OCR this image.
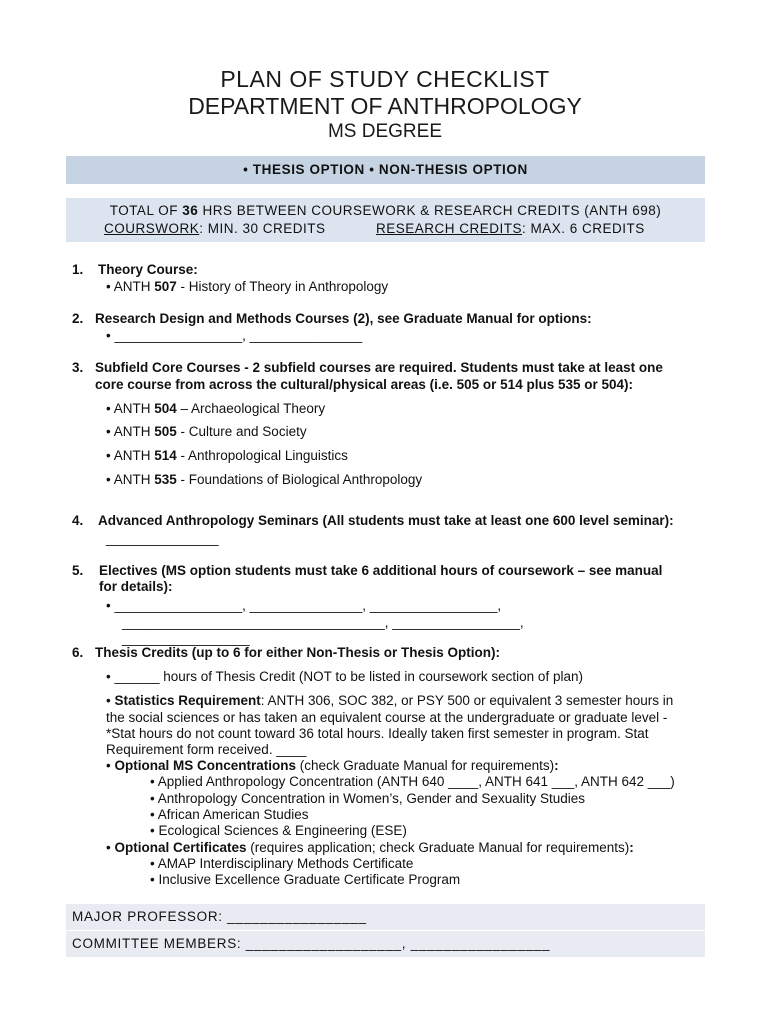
PLAN OF STUDY CHECKLIST
DEPARTMENT OF ANTHROPOLOGY
MS DEGREE
• THESIS OPTION • NON-THESIS OPTION
TOTAL OF 36 HRS BETWEEN COURSEWORK & RESEARCH CREDITS (ANTH 698)
COURSWORK: MIN. 30 CREDITS	RESEARCH CREDITS: MAX. 6 CREDITS
1. Theory Course:
• ANTH 507 - History of Theory in Anthropology
2. Research Design and Methods Courses (2), see Graduate Manual for options:
• _________________, _______________
3. Subfield Core Courses - 2 subfield courses are required. Students must take at least one
core course from across the cultural/physical areas (i.e. 505 or 514 plus 535 or 504):
• ANTH 504 – Archaeological Theory
• ANTH 505 - Culture and Society
• ANTH 514 - Anthropological Linguistics
• ANTH 535 - Foundations of Biological Anthropology
4. Advanced Anthropology Seminars (All students must take at least one 600 level seminar):
_______________
5. Electives (MS option students must take 6 additional hours of coursework – see manual
for details):
• _________________, _______________, _________________,
___________________________________, _________________,
_________________
6. Thesis Credits (up to 6 for either Non-Thesis or Thesis Option):
• ______ hours of Thesis Credit (NOT to be listed in coursework section of plan)
• Statistics Requirement: ANTH 306, SOC 382, or PSY 500 or equivalent 3 semester hours in
the social sciences or has taken an equivalent course at the undergraduate or graduate level -
*Stat hours do not count toward 36 total hours. Ideally taken first semester in program. Stat
Requirement form received. ____
• Optional MS Concentrations (check Graduate Manual for requirements):
• Applied Anthropology Concentration (ANTH 640 ____, ANTH 641 ___, ANTH 642 ___)
• Anthropology Concentration in Women’s, Gender and Sexuality Studies
• African American Studies
• Ecological Sciences & Engineering (ESE)
• Optional Certificates (requires application; check Graduate Manual for requirements):
• AMAP Interdisciplinary Methods Certificate
• Inclusive Excellence Graduate Certificate Program
MAJOR PROFESSOR: _________________
COMMITTEE MEMBERS: ___________________, _________________
